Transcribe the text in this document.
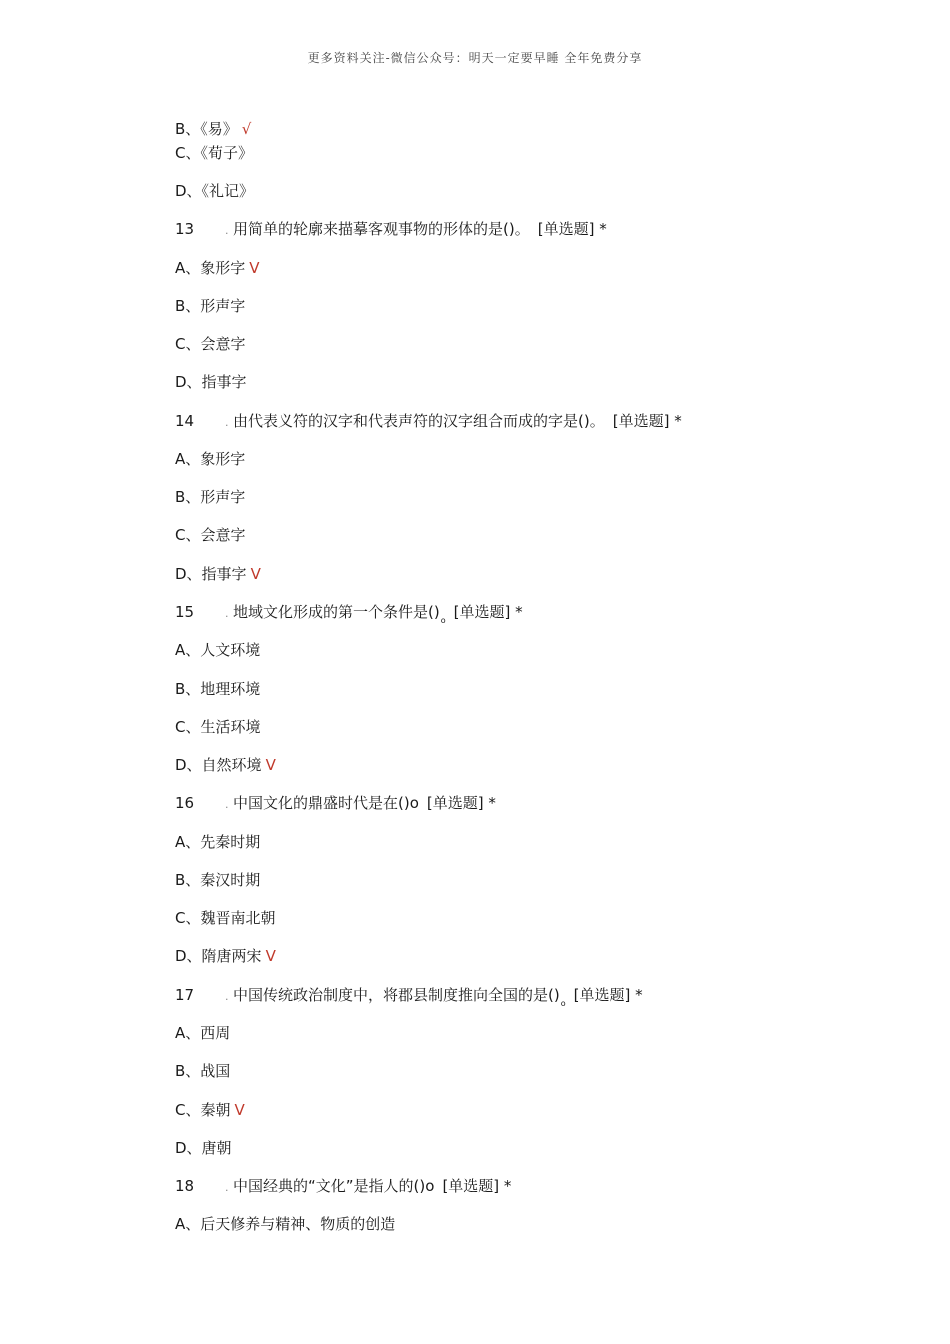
更多资料关注-微信公众号：明天一定要早睡 全年免费分享
B、《易》 √
C、《荀子》
D、《礼记》
13	. 用简单的轮廓来描摹客观事物的形体的是()。 [单选题] *
A、象形字 V
B、形声字
C、会意字
D、指事字
14	. 由代表义符的汉字和代表声符的汉字组合而成的字是()。 [单选题] *
A、象形字
B、形声字
C、会意字
D、指事字 V
15	. 地域文化形成的第一个条件是$()_o$ [单选题] *
A、人文环境
B、地理环境
C、生活环境
D、自然环境 V
16	. 中国文化的鼎盛时代是在()o [单选题] *
A、先秦时期
B、秦汉时期
C、魏晋南北朝
D、隋唐两宋 V
17	. 中国传统政治制度中，将郡县制度推向全国的是$()_o$ [单选题] *
A、西周
B、战国
C、秦朝 V
D、唐朝
18	. 中国经典的“文化”是指人的()o [单选题] *
A、后天修养与精神、物质的创造
